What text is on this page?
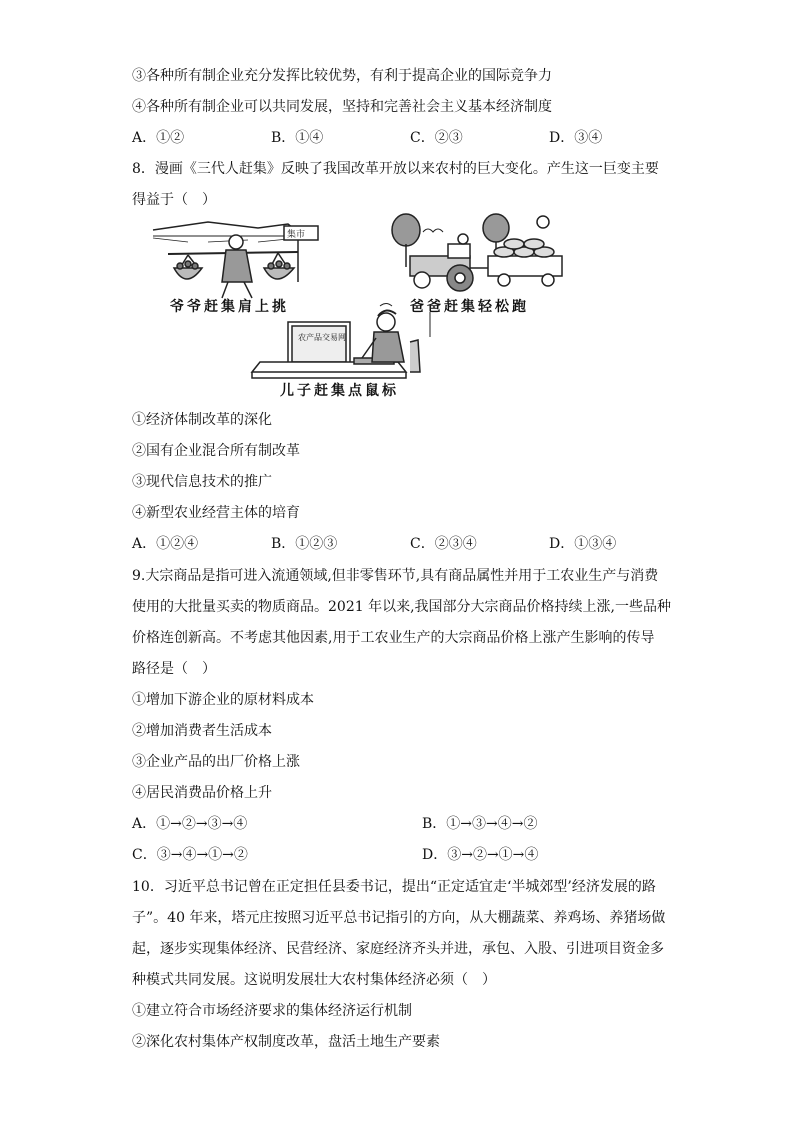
③各种所有制企业充分发挥比较优势，有利于提高企业的国际竞争力
④各种所有制企业可以共同发展，坚持和完善社会主义基本经济制度
A．①②	B．①④	C．②③	D．③④
8．漫画《三代人赶集》反映了我国改革开放以来农村的巨大变化。产生这一巨变主要
得益于（　）
集市
农产品交易网
爷爷赶集肩上挑	爸爸赶集轻松跑
儿子赶集点鼠标
①经济体制改革的深化
②国有企业混合所有制改革
③现代信息技术的推广
④新型农业经营主体的培育
A．①②④	B．①②③	C．②③④	D．①③④
9.大宗商品是指可进入流通领域,但非零售环节,具有商品属性并用于工农业生产与消费
使用的大批量买卖的物质商品。2021 年以来,我国部分大宗商品价格持续上涨,一些品种
价格连创新高。不考虑其他因素,用于工农业生产的大宗商品价格上涨产生影响的传导
路径是（　）
①增加下游企业的原材料成本
②增加消费者生活成本
③企业产品的出厂价格上涨
④居民消费品价格上升
A．①→②→③→④	B．①→③→④→②
C．③→④→①→②	D．③→②→①→④
10．习近平总书记曾在正定担任县委书记，提出“正定适宜走‘半城郊型’经济发展的路
子”。40 年来，塔元庄按照习近平总书记指引的方向，从大棚蔬菜、养鸡场、养猪场做
起，逐步实现集体经济、民营经济、家庭经济齐头并进，承包、入股、引进项目资金多
种模式共同发展。这说明发展壮大农村集体经济必须（　）
①建立符合市场经济要求的集体经济运行机制
②深化农村集体产权制度改革，盘活土地生产要素
